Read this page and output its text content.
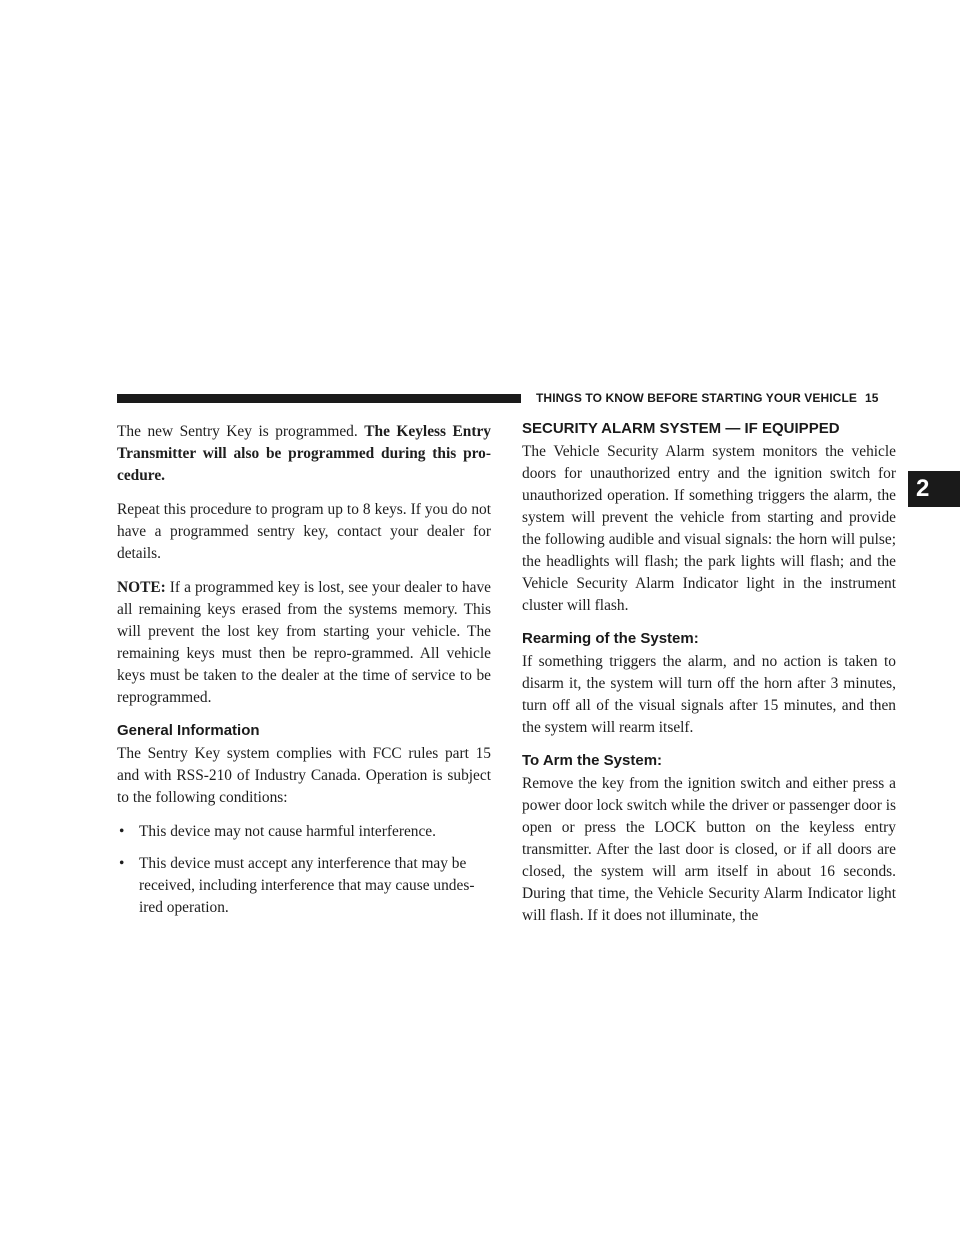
THINGS TO KNOW BEFORE STARTING YOUR VEHICLE 15
2

The new Sentry Key is programmed. The Keyless Entry Transmitter will also be programmed during this pro-cedure.

Repeat this procedure to program up to 8 keys. If you do not have a programmed sentry key, contact your dealer for details.

NOTE: If a programmed key is lost, see your dealer to have all remaining keys erased from the systems memory. This will prevent the lost key from starting your vehicle. The remaining keys must then be repro-grammed. All vehicle keys must be taken to the dealer at the time of service to be reprogrammed.

General Information

The Sentry Key system complies with FCC rules part 15 and with RSS-210 of Industry Canada. Operation is subject to the following conditions:

• This device may not cause harmful interference.
• This device must accept any interference that may be received, including interference that may cause undes-ired operation.
SECURITY ALARM SYSTEM — IF EQUIPPED

The Vehicle Security Alarm system monitors the vehicle doors for unauthorized entry and the ignition switch for unauthorized operation. If something triggers the alarm, the system will prevent the vehicle from starting and provide the following audible and visual signals: the horn will pulse; the headlights will flash; the park lights will flash; and the Vehicle Security Alarm Indicator light in the instrument cluster will flash.

Rearming of the System:

If something triggers the alarm, and no action is taken to disarm it, the system will turn off the horn after 3 minutes, turn off all of the visual signals after 15 minutes, and then the system will rearm itself.

To Arm the System:

Remove the key from the ignition switch and either press a power door lock switch while the driver or passenger door is open or press the LOCK button on the keyless entry transmitter. After the last door is closed, or if all doors are closed, the system will arm itself in about 16 seconds. During that time, the Vehicle Security Alarm Indicator light will flash. If it does not illuminate, the
